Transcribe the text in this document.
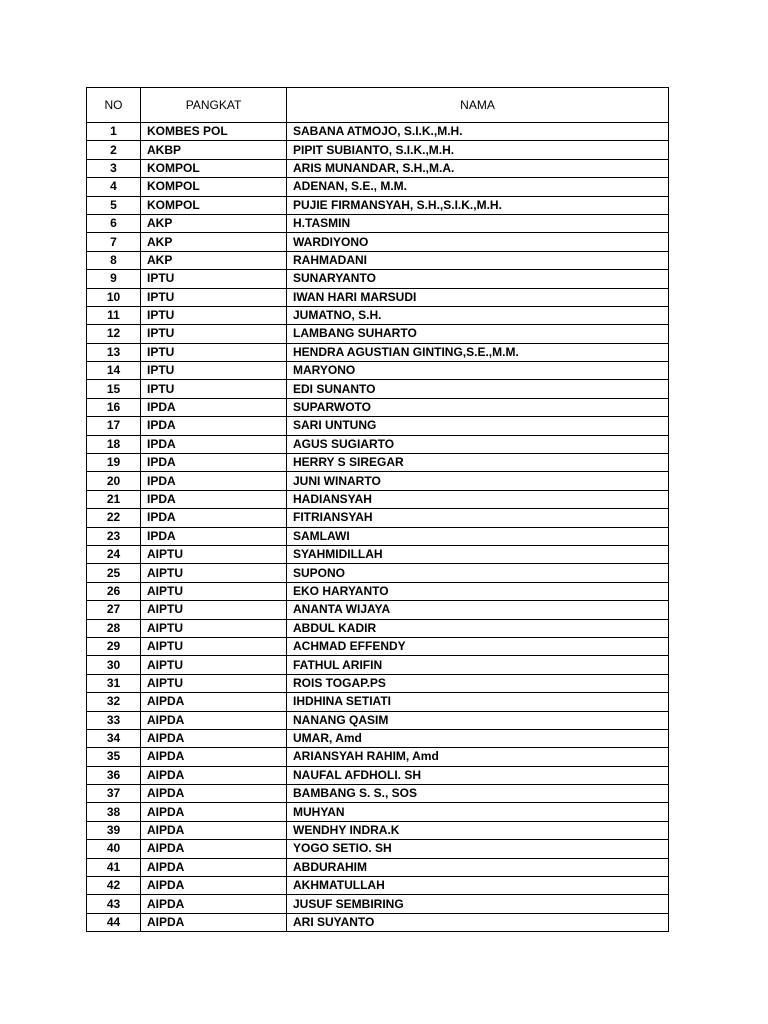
NO	PANGKAT	NAMA
1	KOMBES POL	SABANA ATMOJO, S.I.K.,M.H.
2	AKBP	PIPIT SUBIANTO, S.I.K.,M.H.
3	KOMPOL	ARIS MUNANDAR, S.H.,M.A.
4	KOMPOL	ADENAN, S.E., M.M.
5	KOMPOL	PUJIE FIRMANSYAH, S.H.,S.I.K.,M.H.
6	AKP	H.TASMIN
7	AKP	WARDIYONO
8	AKP	RAHMADANI
9	IPTU	SUNARYANTO
10	IPTU	IWAN HARI MARSUDI
11	IPTU	JUMATNO, S.H.
12	IPTU	LAMBANG SUHARTO
13	IPTU	HENDRA AGUSTIAN GINTING,S.E.,M.M.
14	IPTU	MARYONO
15	IPTU	EDI SUNANTO
16	IPDA	SUPARWOTO
17	IPDA	SARI UNTUNG
18	IPDA	AGUS SUGIARTO
19	IPDA	HERRY S SIREGAR
20	IPDA	JUNI WINARTO
21	IPDA	HADIANSYAH
22	IPDA	FITRIANSYAH
23	IPDA	SAMLAWI
24	AIPTU	SYAHMIDILLAH
25	AIPTU	SUPONO
26	AIPTU	EKO HARYANTO
27	AIPTU	ANANTA WIJAYA
28	AIPTU	ABDUL KADIR
29	AIPTU	ACHMAD EFFENDY
30	AIPTU	FATHUL ARIFIN
31	AIPTU	ROIS TOGAP.PS
32	AIPDA	IHDHINA SETIATI
33	AIPDA	NANANG QASIM
34	AIPDA	UMAR, Amd
35	AIPDA	ARIANSYAH RAHIM, Amd
36	AIPDA	NAUFAL AFDHOLI. SH
37	AIPDA	BAMBANG S. S., SOS
38	AIPDA	MUHYAN
39	AIPDA	WENDHY INDRA.K
40	AIPDA	YOGO SETIO. SH
41	AIPDA	ABDURAHIM
42	AIPDA	AKHMATULLAH
43	AIPDA	JUSUF SEMBIRING
44	AIPDA	ARI SUYANTO
